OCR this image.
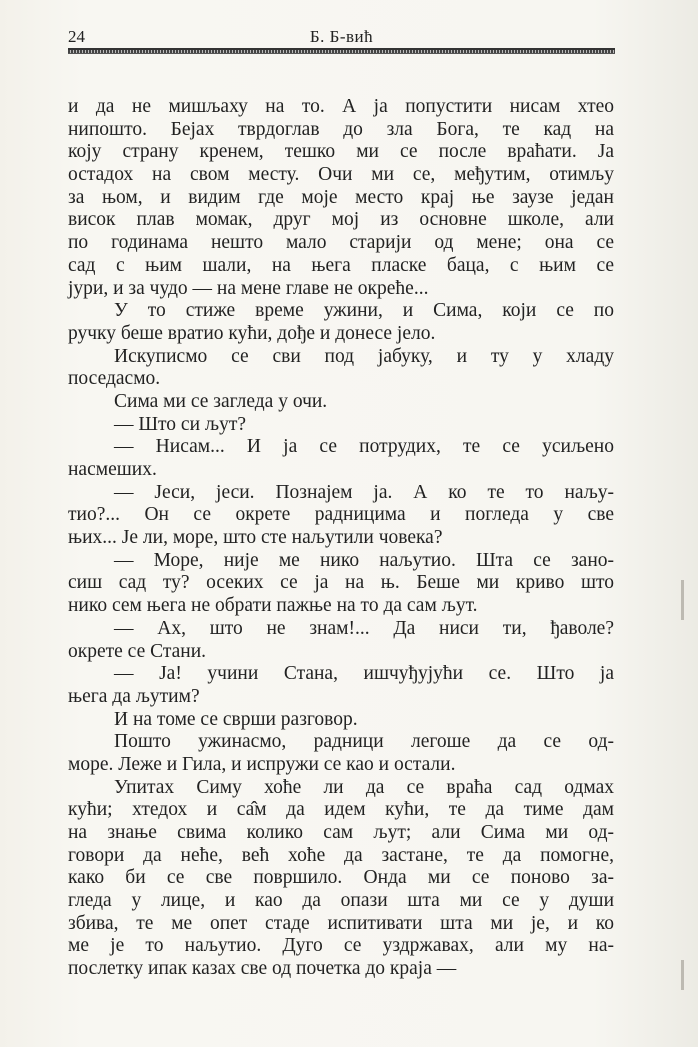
24	Б. Б-вић
и да не мишљаху на то. А ја попустити нисам хтео
нипошто. Бејах тврдоглав до зла Бога, те кад на
коју страну кренем, тешко ми се после враћати. Ја
остадох на свом месту. Очи ми се, међутим, отимљу
за њом, и видим где моје место крај ње заузе један
висок плав момак, друг мој из основне школе, али
по годинама нешто мало старији од мене; она се
сад с њим шали, на њега пласке баца, с њим се
јури, и за чудо — на мене главе не окреће...
У то стиже време ужини, и Сима, који се по
ручку беше вратио кући, дође и донесе јело.
Искуписмо се сви под јабуку, и ту у хладу
поседасмо.
Сима ми се загледа у очи.
— Што си љут?
— Нисам... И ја се потрудих, те се усиљено
насмеших.
— Јеси, јеси. Познајем ја. А ко те то наљу-
тио?... Он се окрете радницима и погледа у све
њих... Је ли, море, што сте наљутили човека?
— Море, није ме нико наљутио. Шта се зано-
сиш сад ту? осеких се ја на њ. Беше ми криво што
нико сем њега не обрати пажње на то да сам љут.
— Ах, што не знам!... Да ниси ти, ђаволе?
окрете се Стани.
— Ја! учини Стана, ишчуђујући се. Што ја
њега да љутим?
И на томе се сврши разговор.
Пошто ужинасмо, радници легоше да се од-
море. Леже и Гила, и испружи се као и остали.
Упитах Симу хоће ли да се враћа сад одмах
кући; хтедох и са̂м да идем кући, те да тиме дам
на знање свима колико сам љут; али Сима ми од-
говори да неће, већ хоће да застане, те да помогне,
како би се све површило. Онда ми се поново за-
гледа у лице, и као да опази шта ми се у души
збива, те ме опет стаде испитивати шта ми је, и ко
ме је то наљутио. Дуго се уздржавах, али му на-
послетку ипак казах све од почетка до краја —
